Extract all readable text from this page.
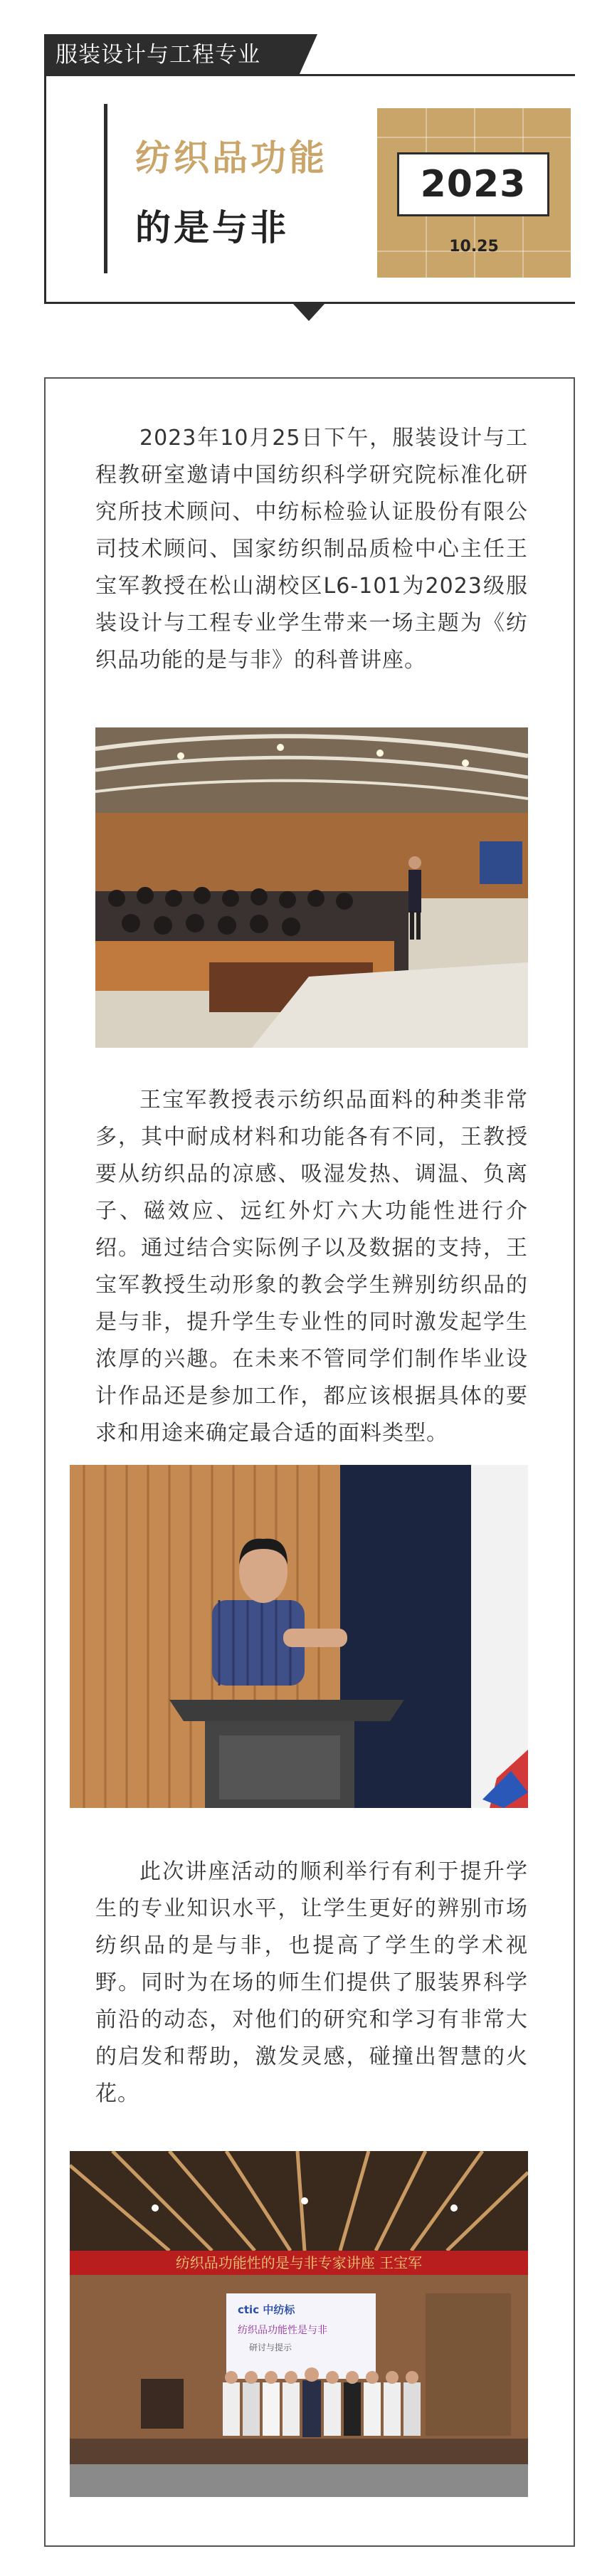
服装设计与工程专业
纺织品功能
的是与非
2023
10.25

2023年10月25日下午，服装设计与工程教研室邀请中国纺织科学研究院标准化研究所技术顾问、中纺标检验认证股份有限公司技术顾问、国家纺织制品质检中心主任王宝军教授在松山湖校区L6-101为2023级服装设计与工程专业学生带来一场主题为《纺织品功能的是与非》的科普讲座。

王宝军教授表示纺织品面料的种类非常多，其中耐成材料和功能各有不同，王教授要从纺织品的凉感、吸湿发热、调温、负离子、磁效应、远红外灯六大功能性进行介绍。通过结合实际例子以及数据的支持，王宝军教授生动形象的教会学生辨别纺织品的是与非，提升学生专业性的同时激发起学生浓厚的兴趣。在未来不管同学们制作毕业设计作品还是参加工作，都应该根据具体的要求和用途来确定最合适的面料类型。

此次讲座活动的顺利举行有利于提升学生的专业知识水平，让学生更好的辨别市场纺织品的是与非，也提高了学生的学术视野。同时为在场的师生们提供了服装界科学前沿的动态，对他们的研究和学习有非常大的启发和帮助，激发灵感，碰撞出智慧的火花。

纺织品功能性的是与非专家讲座 王宝军
ctic 中纺标
纺织品功能性是与非
研讨与提示
